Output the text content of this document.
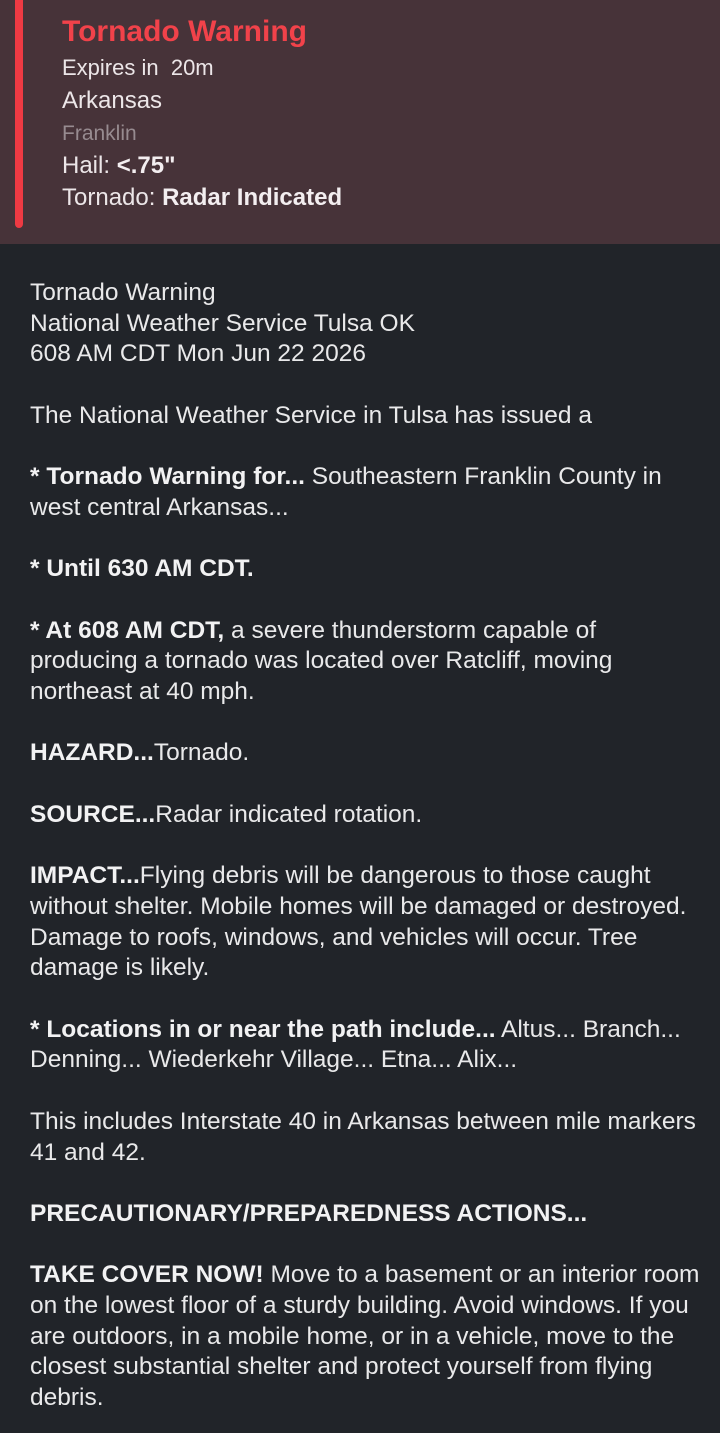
Tornado Warning
Expires in 20m
Arkansas
Franklin
Hail: <.75"
Tornado: Radar Indicated
Tornado Warning
National Weather Service Tulsa OK
608 AM CDT Mon Jun 22 2026
The National Weather Service in Tulsa has issued a
* Tornado Warning for... Southeastern Franklin County in west central Arkansas...
* Until 630 AM CDT.
* At 608 AM CDT, a severe thunderstorm capable of producing a tornado was located over Ratcliff, moving northeast at 40 mph.
HAZARD...Tornado.
SOURCE...Radar indicated rotation.
IMPACT...Flying debris will be dangerous to those caught without shelter. Mobile homes will be damaged or destroyed. Damage to roofs, windows, and vehicles will occur. Tree damage is likely.
* Locations in or near the path include... Altus... Branch... Denning... Wiederkehr Village... Etna... Alix...
This includes Interstate 40 in Arkansas between mile markers 41 and 42.
PRECAUTIONARY/PREPAREDNESS ACTIONS...
TAKE COVER NOW! Move to a basement or an interior room on the lowest floor of a sturdy building. Avoid windows. If you are outdoors, in a mobile home, or in a vehicle, move to the closest substantial shelter and protect yourself from flying debris.
